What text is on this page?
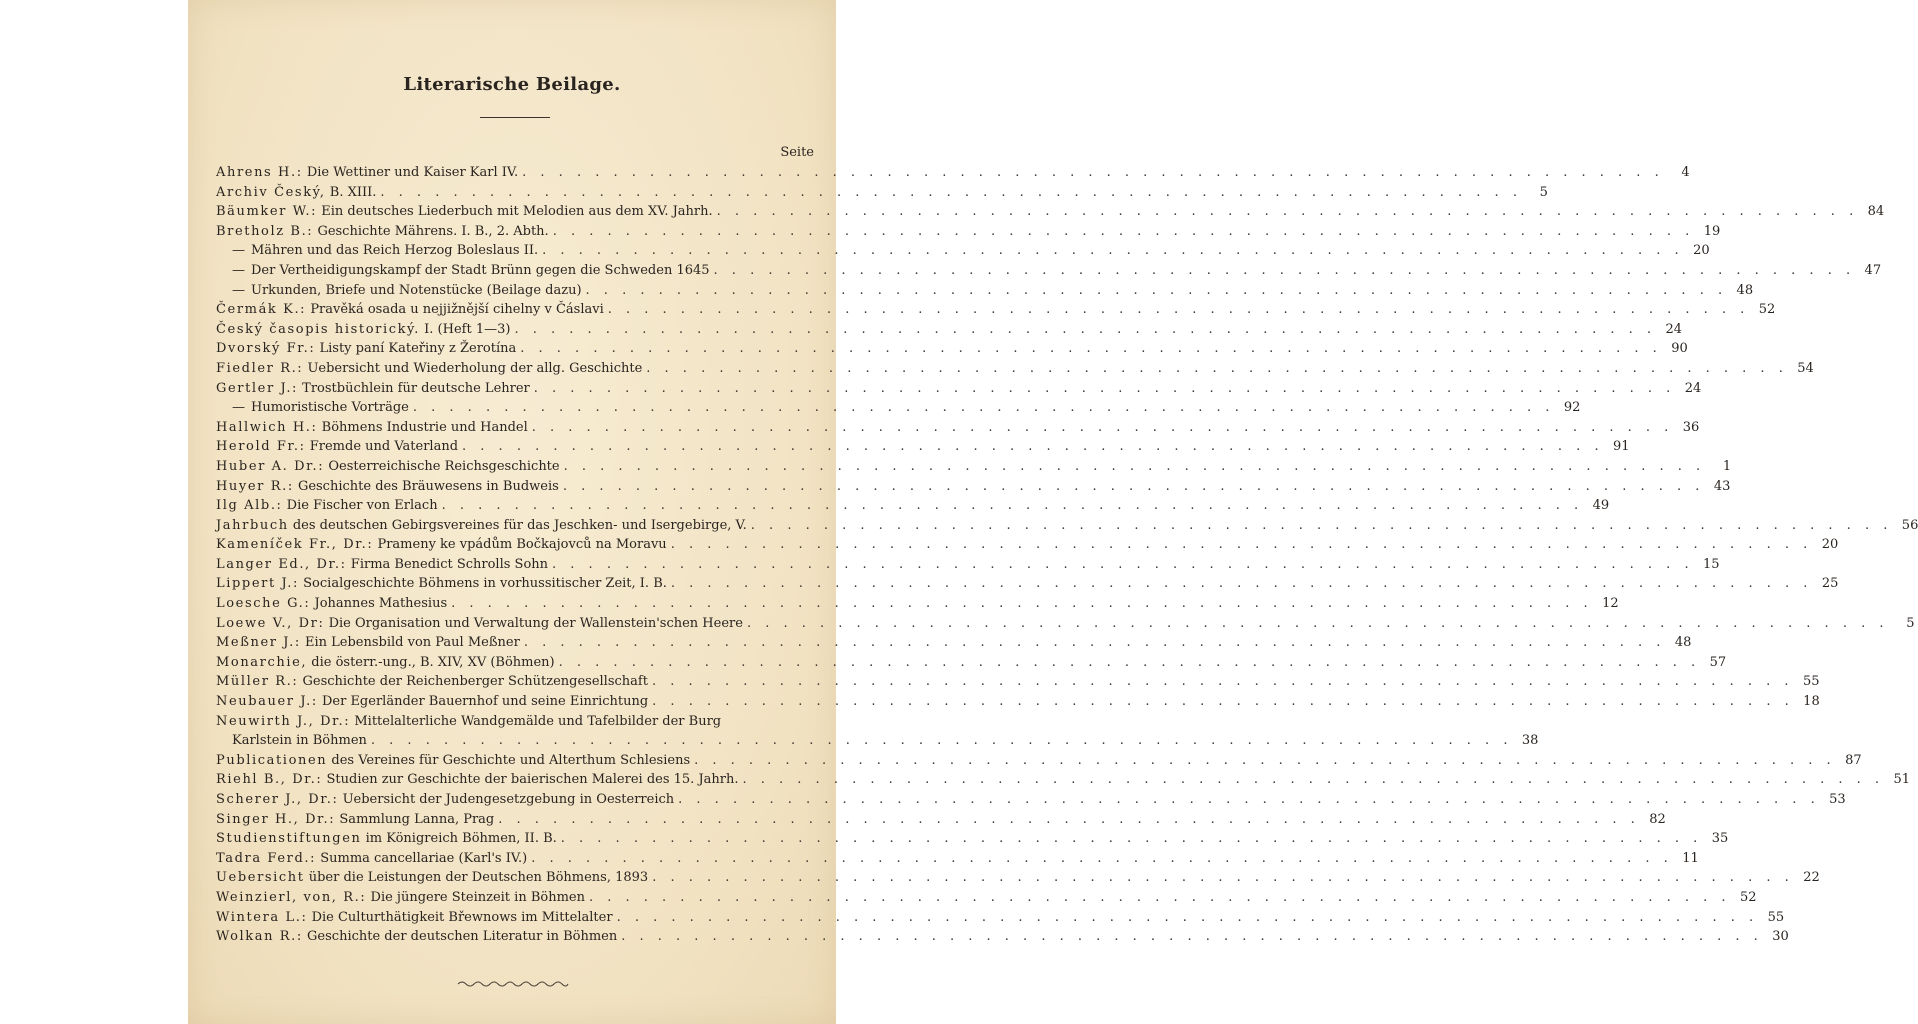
Literarische Beilage.
Seite
Ahrens H.: Die Wettiner und Kaiser Karl IV. . . .	4
Archiv Český, B. XIII. . . .	5
Bäumker W.: Ein deutsches Liederbuch mit Melodien aus dem XV. Jahrh. . . .	84
Bretholz B.: Geschichte Mährens. I. B., 2. Abth. . . .	19
— Mähren und das Reich Herzog Boleslaus II. . . .	20
— Der Vertheidigungskampf der Stadt Brünn gegen die Schweden 1645 . . .	47
— Urkunden, Briefe und Notenstücke (Beilage dazu) . . .	48
Čermák K.: Pravěká osada u nejjižnější cihelny v Čáslavi . . .	52
Český časopis historický. I. (Heft 1—3) . . .	24
Dvorský Fr.: Listy paní Kateřiny z Žerotína . . .	90
Fiedler R.: Uebersicht und Wiederholung der allg. Geschichte . . .	54
Gertler J.: Trostbüchlein für deutsche Lehrer . . .	24
— Humoristische Vorträge . . .	92
Hallwich H.: Böhmens Industrie und Handel . . .	36
Herold Fr.: Fremde und Vaterland . . .	91
Huber A. Dr.: Oesterreichische Reichsgeschichte . . .	1
Huyer R.: Geschichte des Bräuwesens in Budweis . . .	43
Ilg Alb.: Die Fischer von Erlach . . .	49
Jahrbuch des deutschen Gebirgsvereines für das Jeschken- und Isergebirge, V. . . .	56
Kameníček Fr., Dr.: Prameny ke vpádům Bočkajovců na Moravu . . .	20
Langer Ed., Dr.: Firma Benedict Schrolls Sohn . . .	15
Lippert J.: Socialgeschichte Böhmens in vorhussitischer Zeit, I. B. . . .	25
Loesche G.: Johannes Mathesius . . .	12
Loewe V., Dr: Die Organisation und Verwaltung der Wallenstein'schen Heere . . .	5
Meßner J.: Ein Lebensbild von Paul Meßner . . .	48
Monarchie, die österr.-ung., B. XIV, XV (Böhmen) . . .	57
Müller R.: Geschichte der Reichenberger Schützengesellschaft . . .	55
Neubauer J.: Der Egerländer Bauernhof und seine Einrichtung . . .	18
Neuwirth J., Dr.: Mittelalterliche Wandgemälde und Tafelbilder der Burg
Karlstein in Böhmen . . .	38
Publicationen des Vereines für Geschichte und Alterthum Schlesiens . . .	87
Riehl B., Dr.: Studien zur Geschichte der baierischen Malerei des 15. Jahrh. . . .	51
Scherer J., Dr.: Uebersicht der Judengesetzgebung in Oesterreich . . .	53
Singer H., Dr.: Sammlung Lanna, Prag . . .	82
Studienstiftungen im Königreich Böhmen, II. B. . . .	35
Tadra Ferd.: Summa cancellariae (Karl's IV.) . . .	11
Uebersicht über die Leistungen der Deutschen Böhmens, 1893 . . .	22
Weinzierl, von, R.: Die jüngere Steinzeit in Böhmen . . .	52
Wintera L.: Die Culturthätigkeit Břewnows im Mittelalter . . .	55
Wolkan R.: Geschichte der deutschen Literatur in Böhmen . . .	30
